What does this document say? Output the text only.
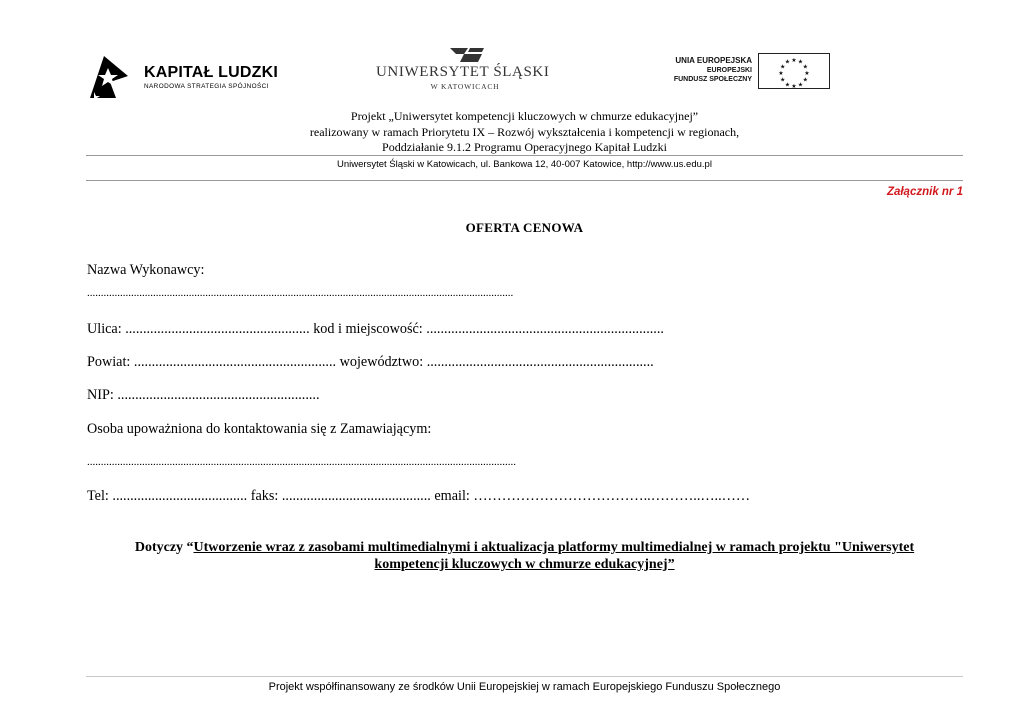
KAPITAŁ LUDZKI
NARODOWA STRATEGIA SPÓJNOŚCI
UNIWERSYTET ŚLĄSKI
W KATOWICACH
UNIA EUROPEJSKA
EUROPEJSKI
FUNDUSZ SPOŁECZNY
★ ★
★
★
★
★
★
★
★
★
★
★
Projekt „Uniwersytet kompetencji kluczowych w chmurze edukacyjnej”
realizowany w ramach Priorytetu IX – Rozwój wykształcenia i kompetencji w regionach,
Poddziałanie 9.1.2 Programu Operacyjnego Kapitał Ludzki
Uniwersytet Śląski w Katowicach, ul. Bankowa 12, 40-007 Katowice, http://www.us.edu.pl
Załącznik nr 1
OFERTA CENOWA
Nazwa Wykonawcy:
...........................................................................................................................................................
Ulica: .................................................... kod i miejscowość: ...................................................................
Powiat: ......................................................... województwo: ................................................................
NIP: .........................................................
Osoba upoważniona do kontaktowania się z Zamawiającym:
............................................................................................................................................................
Tel: ...................................... faks: .......................................... email: ………………………………..………..…..……
Dotyczy “Utworzenie wraz z zasobami multimedialnymi i aktualizacja platformy multimedialnej w ramach projektu "Uniwersytet
kompetencji kluczowych w chmurze edukacyjnej”
Projekt współfinansowany ze środków Unii Europejskiej w ramach Europejskiego Funduszu Społecznego
